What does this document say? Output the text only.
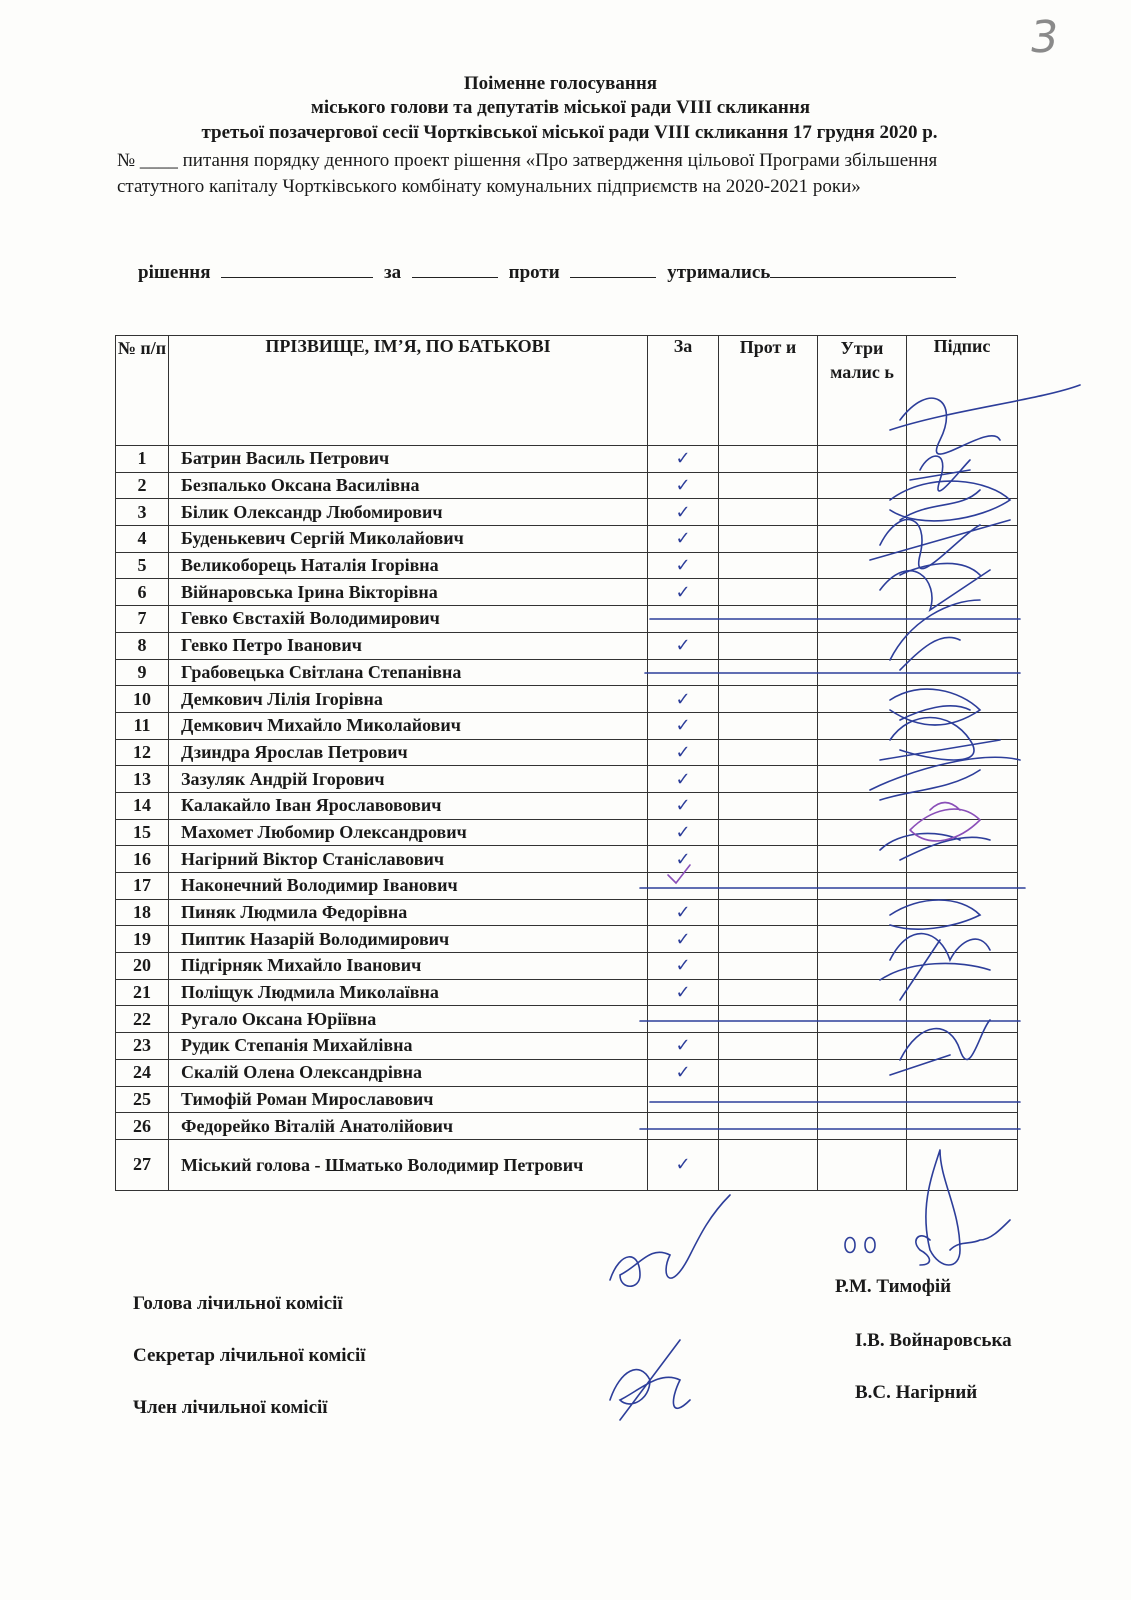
3
Поіменне голосування
міського голови та депутатів міської ради VIII скликання
третьої позачергової сесії Чортківської міської ради VIII скликання 17 грудня 2020 р.
№ ____ питання порядку денного проект рішення «Про затвердження цільової Програми збільшення статутного капіталу Чортківського комбінату комунальних підприємств на 2020-2021 роки»
рішення	за	проти	утримались
№ п/п	ПРІЗВИЩЕ, ІМ’Я, ПО БАТЬКОВІ	За	Прот и	Утри малис ь	Підпис
1	Батрин Василь Петрович	✓			
2	Безпалько Оксана Василівна	✓			
3	Білик Олександр Любомирович	✓			
4	Буденькевич Сергій Миколайович	✓			
5	Великоборець Наталія Ігорівна	✓			
6	Війнаровська Ірина Вікторівна	✓			
7	Гевко Євстахій Володимирович				
8	Гевко Петро Іванович	✓			
9	Грабовецька Світлана Степанівна				
10	Демкович Лілія Ігорівна	✓			
11	Демкович Михайло Миколайович	✓			
12	Дзиндра Ярослав Петрович	✓			
13	Зазуляк Андрій Ігорович	✓			
14	Калакайло Іван Ярославовович	✓			
15	Махомет Любомир Олександрович	✓			
16	Нагірний Віктор Станіславович	✓			
17	Наконечний Володимир Іванович				
18	Пиняк Людмила Федорівна	✓			
19	Пиптик Назарій Володимирович	✓			
20	Підгірняк Михайло Іванович	✓			
21	Поліщук Людмила Миколаївна	✓			
22	Ругало Оксана Юріївна				
23	Рудик Степанія Михайлівна	✓			
24	Скалій Олена Олександрівна	✓			
25	Тимофій Роман Мирославович				
26	Федорейко Віталій Анатолійович				
27	Міський голова - Шматько Володимир Петрович	✓			
Голова лічильної комісії
Р.М. Тимофій
Секретар лічильної комісії
І.В. Войнаровська
Член лічильної комісії
В.С. Нагірний
